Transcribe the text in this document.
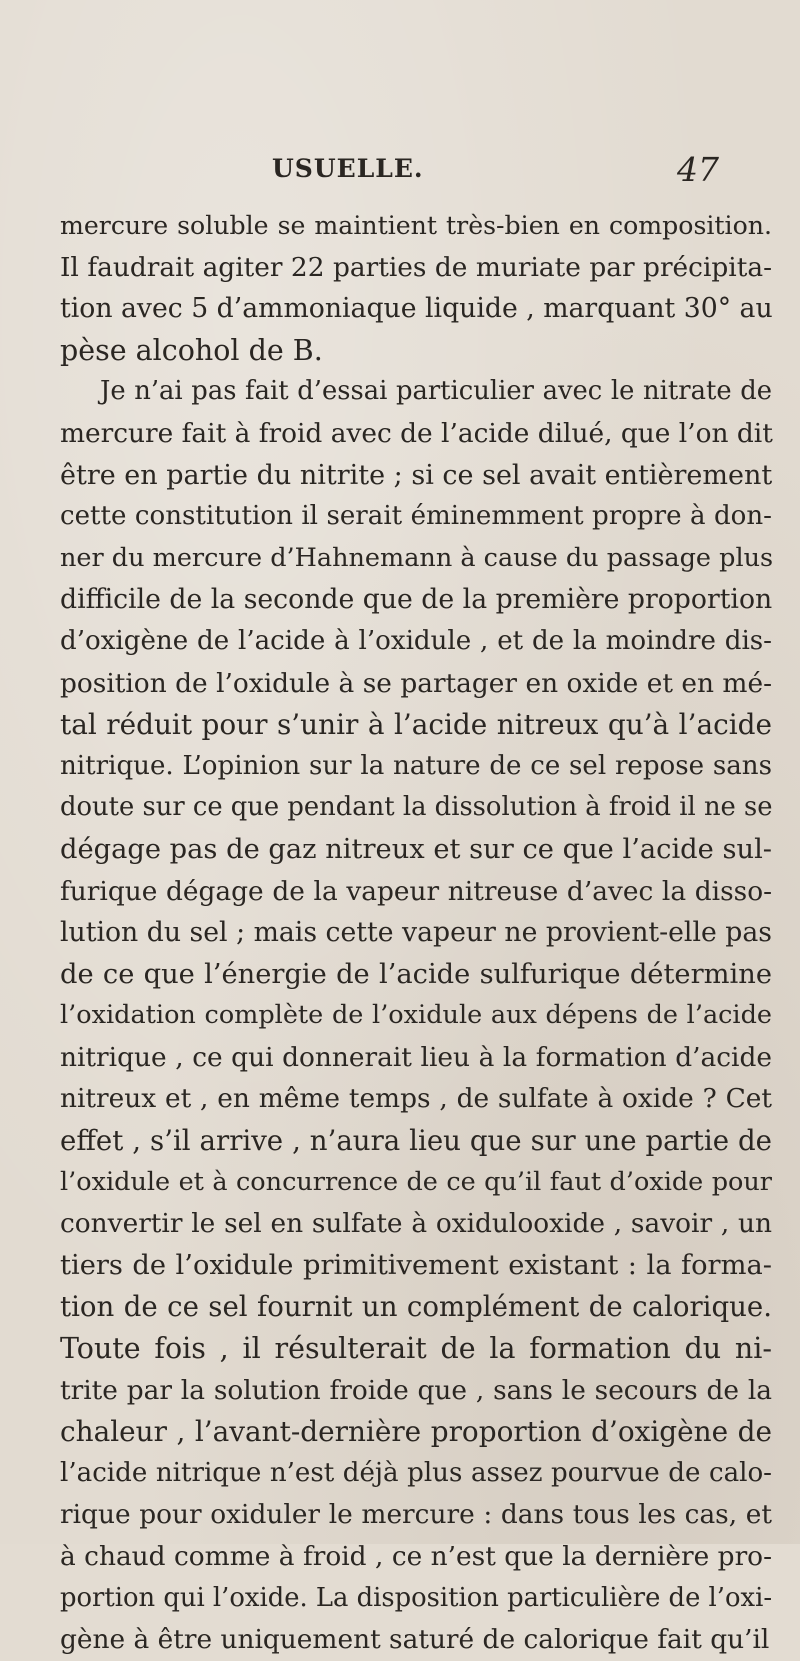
USUELLE.	47
mercure soluble se maintient très-bien en composition.
Il faudrait agiter 22 parties de muriate par précipita-
tion avec 5 d’ammoniaque liquide , marquant 30° au
pèse alcohol de B.
Je n’ai pas fait d’essai particulier avec le nitrate de
mercure fait à froid avec de l’acide dilué, que l’on dit
être en partie du nitrite ; si ce sel avait entièrement
cette constitution il serait éminemment propre à don-
ner du mercure d’Hahnemann à cause du passage plus
difficile de la seconde que de la première proportion
d’oxigène de l’acide à l’oxidule , et de la moindre dis-
position de l’oxidule à se partager en oxide et en mé-
tal réduit pour s’unir à l’acide nitreux qu’à l’acide
nitrique. L’opinion sur la nature de ce sel repose sans
doute sur ce que pendant la dissolution à froid il ne se
dégage pas de gaz nitreux et sur ce que l’acide sul-
furique dégage de la vapeur nitreuse d’avec la disso-
lution du sel ; mais cette vapeur ne provient-elle pas
de ce que l’énergie de l’acide sulfurique détermine
l’oxidation complète de l’oxidule aux dépens de l’acide
nitrique , ce qui donnerait lieu à la formation d’acide
nitreux et , en même temps , de sulfate à oxide ? Cet
effet , s’il arrive , n’aura lieu que sur une partie de
l’oxidule et à concurrence de ce qu’il faut d’oxide pour
convertir le sel en sulfate à oxidulooxide , savoir , un
tiers de l’oxidule primitivement existant : la forma-
tion de ce sel fournit un complément de calorique.
Toute fois , il résulterait de la formation du ni-
trite par la solution froide que , sans le secours de la
chaleur , l’avant-dernière proportion d’oxigène de
l’acide nitrique n’est déjà plus assez pourvue de calo-
rique pour oxiduler le mercure : dans tous les cas, et
à chaud comme à froid , ce n’est que la dernière pro-
portion qui l’oxide. La disposition particulière de l’oxi-
gène à être uniquement saturé de calorique fait qu’il
